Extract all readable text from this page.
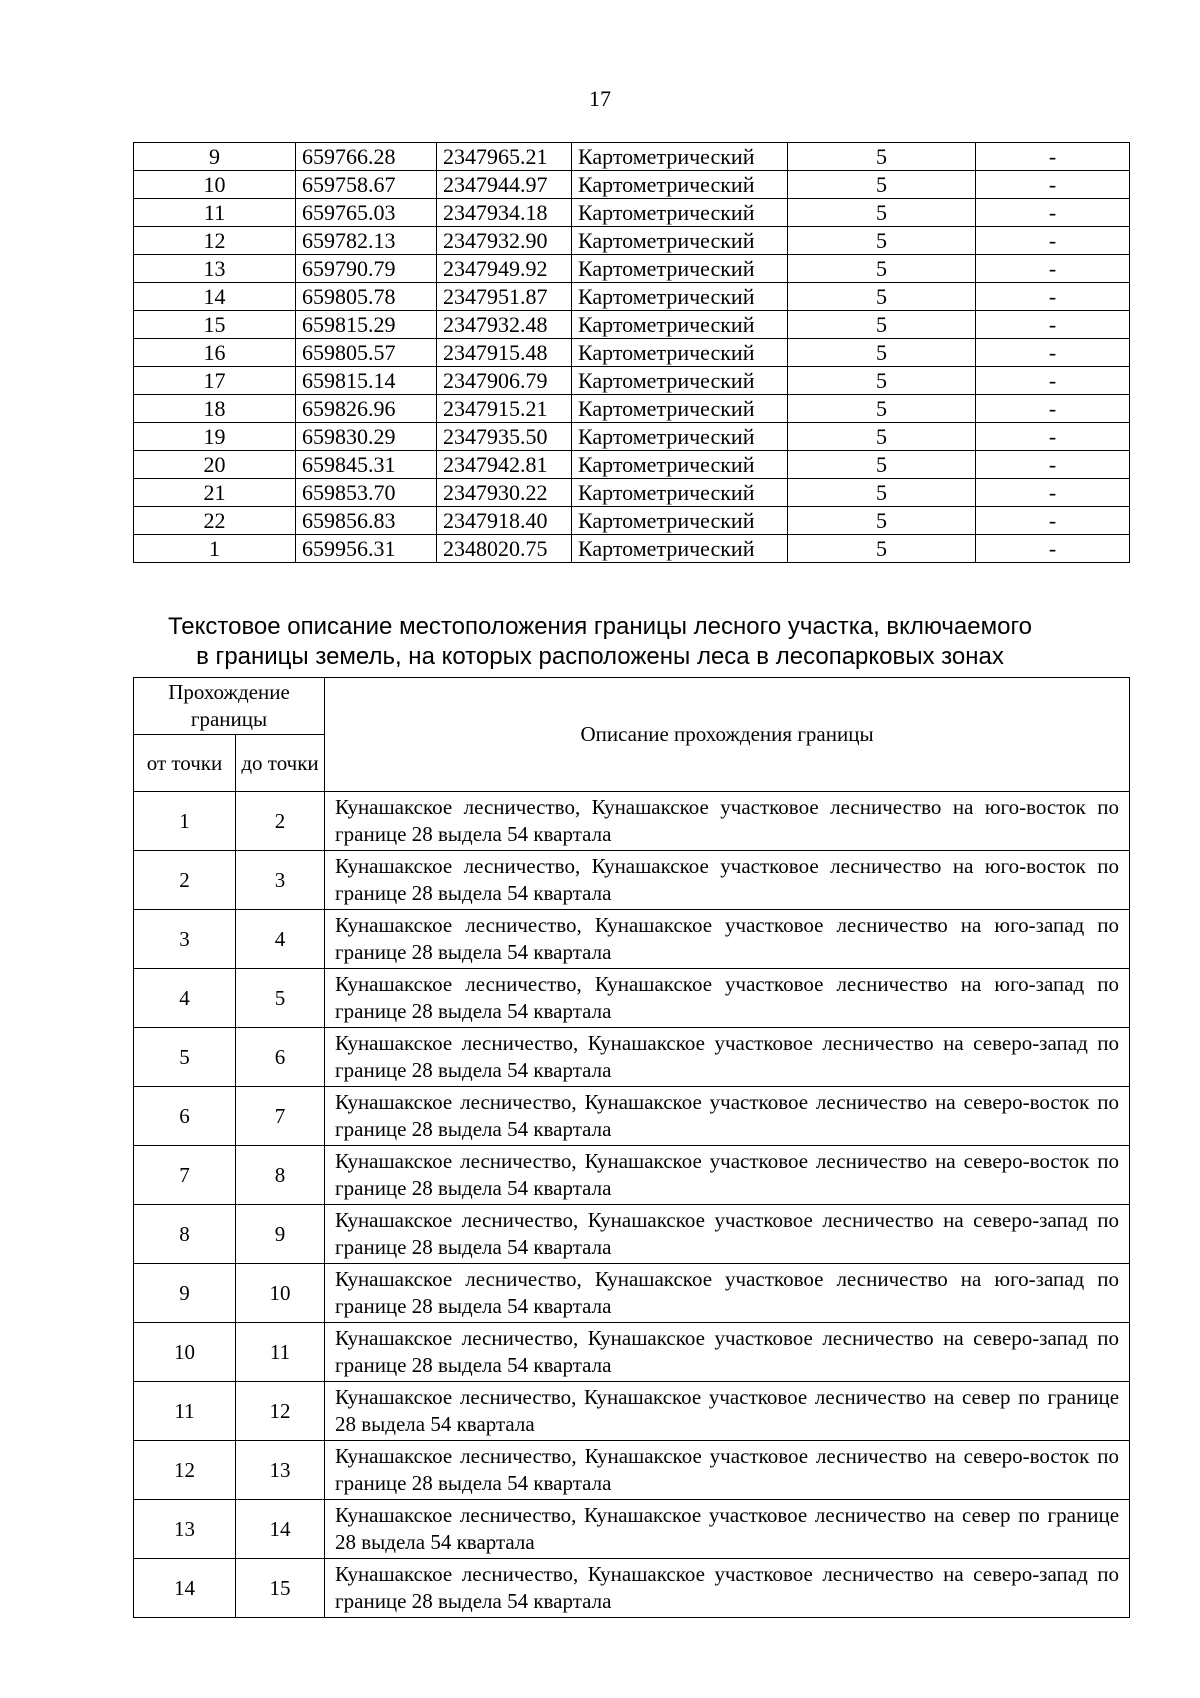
17
9	659766.28	2347965.21	Картометрический	5	-
10	659758.67	2347944.97	Картометрический	5	-
11	659765.03	2347934.18	Картометрический	5	-
12	659782.13	2347932.90	Картометрический	5	-
13	659790.79	2347949.92	Картометрический	5	-
14	659805.78	2347951.87	Картометрический	5	-
15	659815.29	2347932.48	Картометрический	5	-
16	659805.57	2347915.48	Картометрический	5	-
17	659815.14	2347906.79	Картометрический	5	-
18	659826.96	2347915.21	Картометрический	5	-
19	659830.29	2347935.50	Картометрический	5	-
20	659845.31	2347942.81	Картометрический	5	-
21	659853.70	2347930.22	Картометрический	5	-
22	659856.83	2347918.40	Картометрический	5	-
1	659956.31	2348020.75	Картометрический	5	-
Текстовое описание местоположения границы лесного участка, включаемого
в границы земель, на которых расположены леса в лесопарковых зонах
Прохождение границы		Описание прохождения границы
от точки	до точки	
1	2	Кунашакское лесничество, Кунашакское участковое лесничество на юго-восток по границе 28 выдела 54 квартала
2	3	Кунашакское лесничество, Кунашакское участковое лесничество на юго-восток по границе 28 выдела 54 квартала
3	4	Кунашакское лесничество, Кунашакское участковое лесничество на юго-запад по границе 28 выдела 54 квартала
4	5	Кунашакское лесничество, Кунашакское участковое лесничество на юго-запад по границе 28 выдела 54 квартала
5	6	Кунашакское лесничество, Кунашакское участковое лесничество на северо-запад по границе 28 выдела 54 квартала
6	7	Кунашакское лесничество, Кунашакское участковое лесничество на северо-восток по границе 28 выдела 54 квартала
7	8	Кунашакское лесничество, Кунашакское участковое лесничество на северо-восток по границе 28 выдела 54 квартала
8	9	Кунашакское лесничество, Кунашакское участковое лесничество на северо-запад по границе 28 выдела 54 квартала
9	10	Кунашакское лесничество, Кунашакское участковое лесничество на юго-запад по границе 28 выдела 54 квартала
10	11	Кунашакское лесничество, Кунашакское участковое лесничество на северо-запад по границе 28 выдела 54 квартала
11	12	Кунашакское лесничество, Кунашакское участковое лесничество на север по границе 28 выдела 54 квартала
12	13	Кунашакское лесничество, Кунашакское участковое лесничество на северо-восток по границе 28 выдела 54 квартала
13	14	Кунашакское лесничество, Кунашакское участковое лесничество на север по границе 28 выдела 54 квартала
14	15	Кунашакское лесничество, Кунашакское участковое лесничество на северо-запад по границе 28 выдела 54 квартала
